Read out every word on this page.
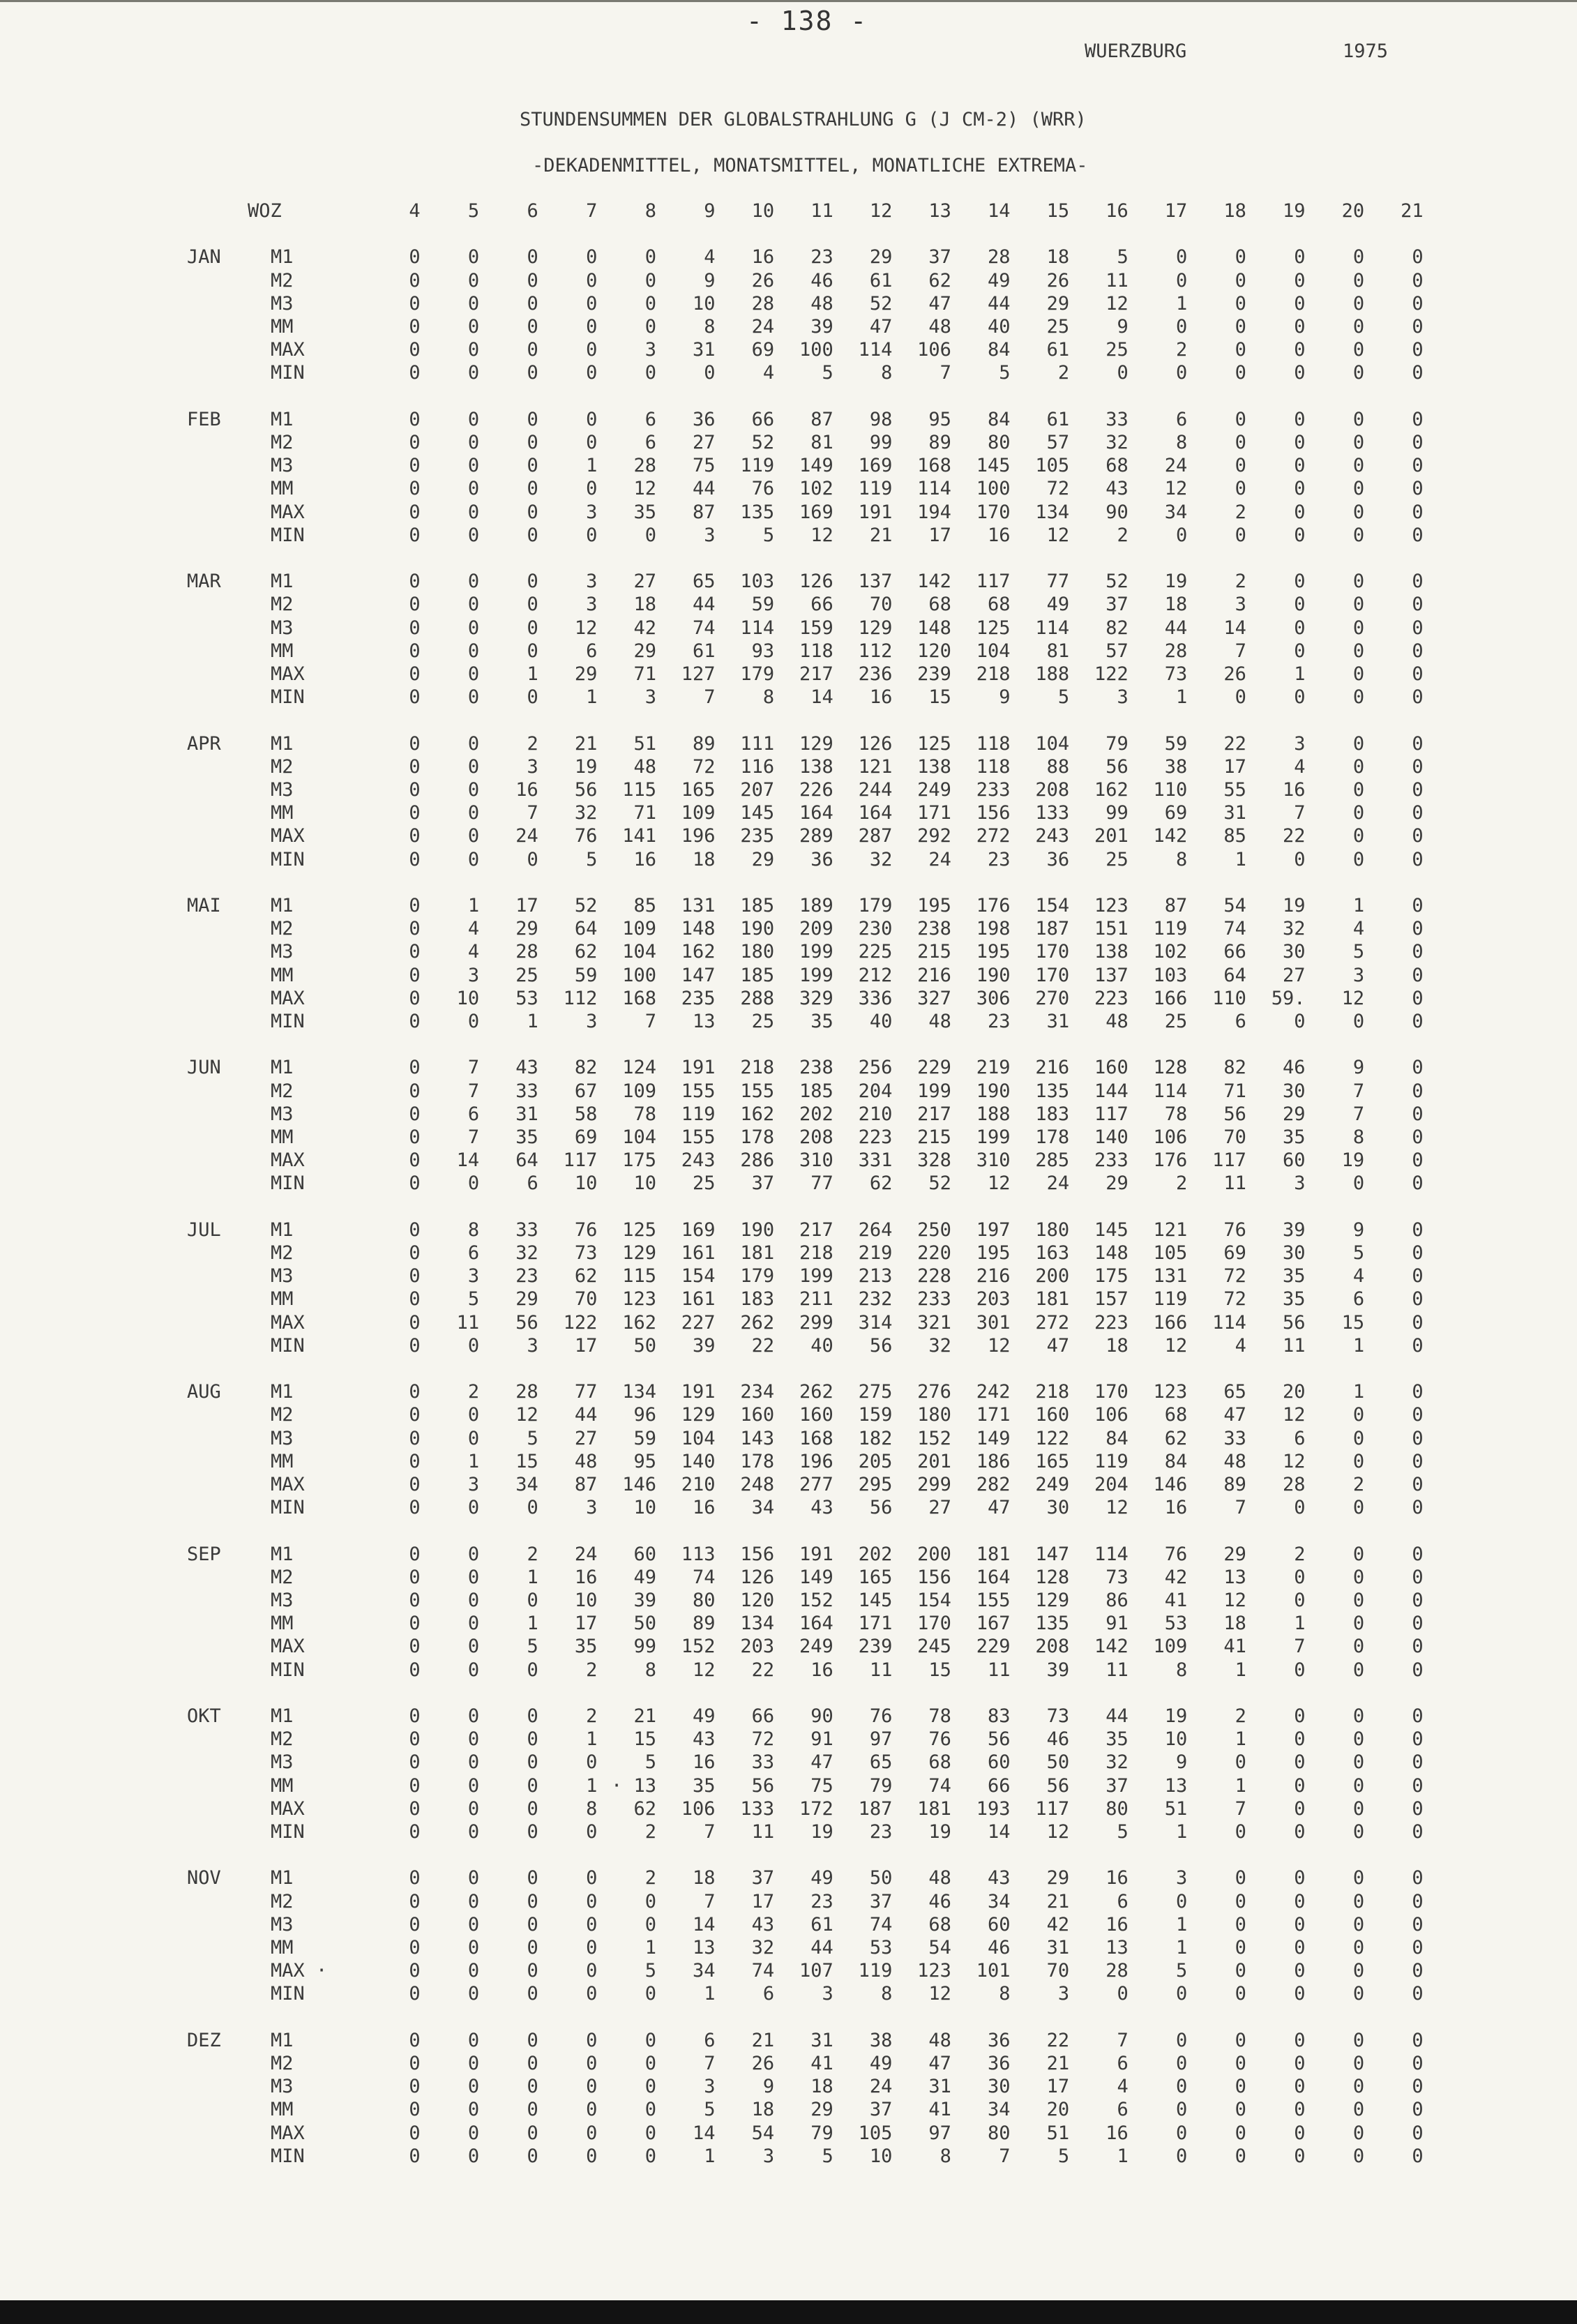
- 138 -
WUERZBURG	1975
STUNDENSUMMEN DER GLOBALSTRAHLUNG G (J CM-2) (WRR)
-DEKADENMITTEL, MONATSMITTEL, MONATLICHE EXTREMA-
WOZ		4	5	6	7	8	9	10	11	12	13	14	15	16	17	18	19	20	21

JAN	M1	0	0	0	0	0	4	16	23	29	37	28	18	5	0	0	0	0	0
	M2	0	0	0	0	0	9	26	46	61	62	49	26	11	0	0	0	0	0
	M3	0	0	0	0	0	10	28	48	52	47	44	29	12	1	0	0	0	0
	MM	0	0	0	0	0	8	24	39	47	48	40	25	9	0	0	0	0	0
	MAX	0	0	0	0	3	31	69	100	114	106	84	61	25	2	0	0	0	0
	MIN	0	0	0	0	0	0	4	5	8	7	5	2	0	0	0	0	0	0

FEB	M1	0	0	0	0	6	36	66	87	98	95	84	61	33	6	0	0	0	0
	M2	0	0	0	0	6	27	52	81	99	89	80	57	32	8	0	0	0	0
	M3	0	0	0	1	28	75	119	149	169	168	145	105	68	24	0	0	0	0
	MM	0	0	0	0	12	44	76	102	119	114	100	72	43	12	0	0	0	0
	MAX	0	0	0	3	35	87	135	169	191	194	170	134	90	34	2	0	0	0
	MIN	0	0	0	0	0	3	5	12	21	17	16	12	2	0	0	0	0	0

MAR	M1	0	0	0	3	27	65	103	126	137	142	117	77	52	19	2	0	0	0
	M2	0	0	0	3	18	44	59	66	70	68	68	49	37	18	3	0	0	0
	M3	0	0	0	12	42	74	114	159	129	148	125	114	82	44	14	0	0	0
	MM	0	0	0	6	29	61	93	118	112	120	104	81	57	28	7	0	0	0
	MAX	0	0	1	29	71	127	179	217	236	239	218	188	122	73	26	1	0	0
	MIN	0	0	0	1	3	7	8	14	16	15	9	5	3	1	0	0	0	0

APR	M1	0	0	2	21	51	89	111	129	126	125	118	104	79	59	22	3	0	0
	M2	0	0	3	19	48	72	116	138	121	138	118	88	56	38	17	4	0	0
	M3	0	0	16	56	115	165	207	226	244	249	233	208	162	110	55	16	0	0
	MM	0	0	7	32	71	109	145	164	164	171	156	133	99	69	31	7	0	0
	MAX	0	0	24	76	141	196	235	289	287	292	272	243	201	142	85	22	0	0
	MIN	0	0	0	5	16	18	29	36	32	24	23	36	25	8	1	0	0	0

MAI	M1	0	1	17	52	85	131	185	189	179	195	176	154	123	87	54	19	1	0
	M2	0	4	29	64	109	148	190	209	230	238	198	187	151	119	74	32	4	0
	M3	0	4	28	62	104	162	180	199	225	215	195	170	138	102	66	30	5	0
	MM	0	3	25	59	100	147	185	199	212	216	190	170	137	103	64	27	3	0
	MAX	0	10	53	112	168	235	288	329	336	327	306	270	223	166	110	59.	12	0
	MIN	0	0	1	3	7	13	25	35	40	48	23	31	48	25	6	0	0	0

JUN	M1	0	7	43	82	124	191	218	238	256	229	219	216	160	128	82	46	9	0
	M2	0	7	33	67	109	155	155	185	204	199	190	135	144	114	71	30	7	0
	M3	0	6	31	58	78	119	162	202	210	217	188	183	117	78	56	29	7	0
	MM	0	7	35	69	104	155	178	208	223	215	199	178	140	106	70	35	8	0
	MAX	0	14	64	117	175	243	286	310	331	328	310	285	233	176	117	60	19	0
	MIN	0	0	6	10	10	25	37	77	62	52	12	24	29	2	11	3	0	0

JUL	M1	0	8	33	76	125	169	190	217	264	250	197	180	145	121	76	39	9	0
	M2	0	6	32	73	129	161	181	218	219	220	195	163	148	105	69	30	5	0
	M3	0	3	23	62	115	154	179	199	213	228	216	200	175	131	72	35	4	0
	MM	0	5	29	70	123	161	183	211	232	233	203	181	157	119	72	35	6	0
	MAX	0	11	56	122	162	227	262	299	314	321	301	272	223	166	114	56	15	0
	MIN	0	0	3	17	50	39	22	40	56	32	12	47	18	12	4	11	1	0

AUG	M1	0	2	28	77	134	191	234	262	275	276	242	218	170	123	65	20	1	0
	M2	0	0	12	44	96	129	160	160	159	180	171	160	106	68	47	12	0	0
	M3	0	0	5	27	59	104	143	168	182	152	149	122	84	62	33	6	0	0
	MM	0	1	15	48	95	140	178	196	205	201	186	165	119	84	48	12	0	0
	MAX	0	3	34	87	146	210	248	277	295	299	282	249	204	146	89	28	2	0
	MIN	0	0	0	3	10	16	34	43	56	27	47	30	12	16	7	0	0	0

SEP	M1	0	0	2	24	60	113	156	191	202	200	181	147	114	76	29	2	0	0
	M2	0	0	1	16	49	74	126	149	165	156	164	128	73	42	13	0	0	0
	M3	0	0	0	10	39	80	120	152	145	154	155	129	86	41	12	0	0	0
	MM	0	0	1	17	50	89	134	164	171	170	167	135	91	53	18	1	0	0
	MAX	0	0	5	35	99	152	203	249	239	245	229	208	142	109	41	7	0	0
	MIN	0	0	0	2	8	12	22	16	11	15	11	39	11	8	1	0	0	0

OKT	M1	0	0	0	2	21	49	66	90	76	78	83	73	44	19	2	0	0	0
	M2	0	0	0	1	15	43	72	91	97	76	56	46	35	10	1	0	0	0
	M3	0	0	0	0	5	16	33	47	65	68	60	50	32	9	0	0	0	0
	MM	0	0	0	1	· 13	35	56	75	79	74	66	56	37	13	1	0	0	0
	MAX	0	0	0	8	62	106	133	172	187	181	193	117	80	51	7	0	0	0
	MIN	0	0	0	0	2	7	11	19	23	19	14	12	5	1	0	0	0	0

NOV	M1	0	0	0	0	2	18	37	49	50	48	43	29	16	3	0	0	0	0
	M2	0	0	0	0	0	7	17	23	37	46	34	21	6	0	0	0	0	0
	M3	0	0	0	0	0	14	43	61	74	68	60	42	16	1	0	0	0	0
	MM	0	0	0	0	1	13	32	44	53	54	46	31	13	1	0	0	0	0
	MAX ·	0	0	0	0	5	34	74	107	119	123	101	70	28	5	0	0	0	0
	MIN	0	0	0	0	0	1	6	3	8	12	8	3	0	0	0	0	0	0

DEZ	M1	0	0	0	0	0	6	21	31	38	48	36	22	7	0	0	0	0	0
	M2	0	0	0	0	0	7	26	41	49	47	36	21	6	0	0	0	0	0
	M3	0	0	0	0	0	3	9	18	24	31	30	17	4	0	0	0	0	0
	MM	0	0	0	0	0	5	18	29	37	41	34	20	6	0	0	0	0	0
	MAX	0	0	0	0	0	14	54	79	105	97	80	51	16	0	0	0	0	0
	MIN	0	0	0	0	0	1	3	5	10	8	7	5	1	0	0	0	0	0
